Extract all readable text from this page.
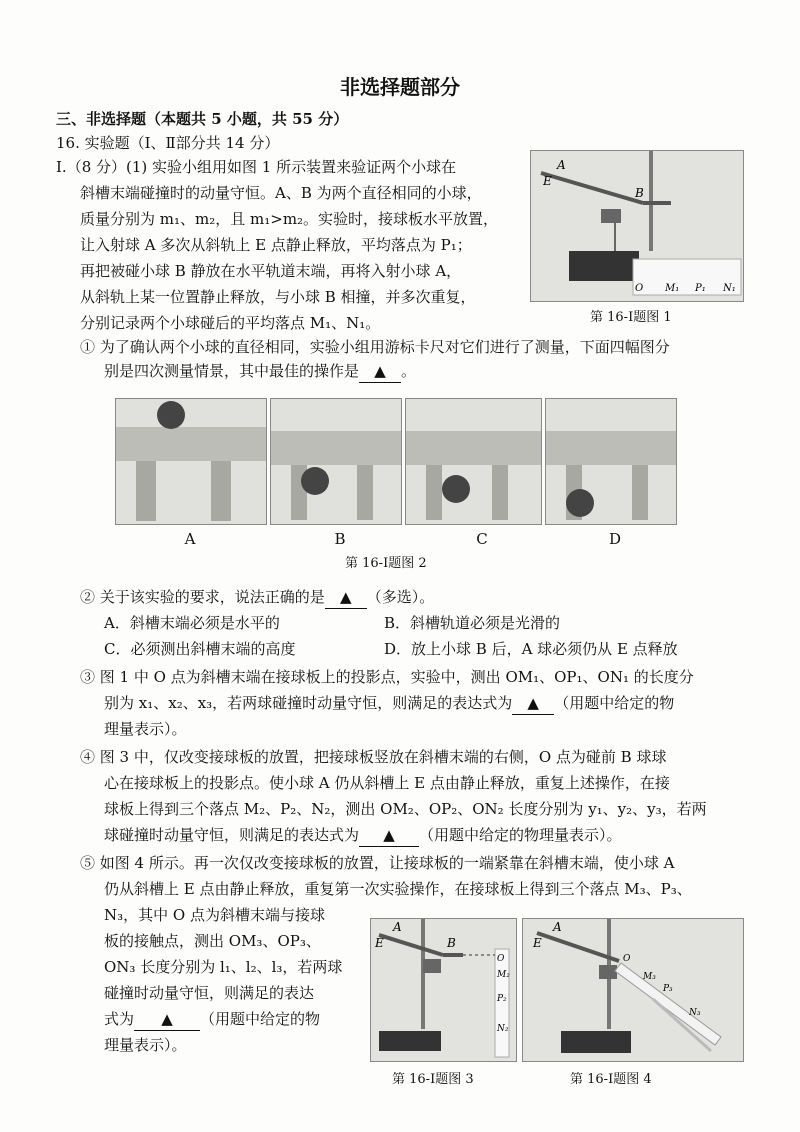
非选择题部分
三、非选择题（本题共 5 小题，共 55 分）
16. 实验题（Ⅰ、Ⅱ部分共 14 分）
Ⅰ.（8 分）(1) 实验小组用如图 1 所示装置来验证两个小球在
斜槽末端碰撞时的动量守恒。A、B 为两个直径相同的小球，
质量分别为 m₁、m₂，且 m₁>m₂。实验时，接球板水平放置，
让入射球 A 多次从斜轨上 E 点静止释放，平均落点为 P₁；
再把被碰小球 B 静放在水平轨道末端，再将入射小球 A，
从斜轨上某一位置静止释放，与小球 B 相撞，并多次重复，
分别记录两个小球碰后的平均落点 M₁、N₁。
A
E
B
O M₁ P₁ N₁
第 16-Ⅰ题图 1
① 为了确认两个小球的直径相同，实验小组用游标卡尺对它们进行了测量，下面四幅图分
别是四次测量情景，其中最佳的操作是 ▲ 。
A	B	C	D
第 16-Ⅰ题图 2
② 关于该实验的要求，说法正确的是 ▲ （多选）。
A．斜槽末端必须是水平的	B．斜槽轨道必须是光滑的
C．必须测出斜槽末端的高度	D．放上小球 B 后，A 球必须仍从 E 点释放
③ 图 1 中 O 点为斜槽末端在接球板上的投影点，实验中，测出 OM₁、OP₁、ON₁ 的长度分
别为 x₁、x₂、x₃，若两球碰撞时动量守恒，则满足的表达式为 ▲ （用题中给定的物
理量表示）。
④ 图 3 中，仅改变接球板的放置，把接球板竖放在斜槽末端的右侧，O 点为碰前 B 球球
心在接球板上的投影点。使小球 A 仍从斜槽上 E 点由静止释放，重复上述操作，在接
球板上得到三个落点 M₂、P₂、N₂，测出 OM₂、OP₂、ON₂ 长度分别为 y₁、y₂、y₃，若两
球碰撞时动量守恒，则满足的表达式为 ▲ （用题中给定的物理量表示）。
⑤ 如图 4 所示。再一次仅改变接球板的放置，让接球板的一端紧靠在斜槽末端，使小球 A
仍从斜槽上 E 点由静止释放，重复第一次实验操作，在接球板上得到三个落点 M₃、P₃、
N₃，其中 O 点为斜槽末端与接球
板的接触点，测出 OM₃、OP₃、
ON₃ 长度分别为 l₁、l₂、l₃，若两球
碰撞时动量守恒，则满足的表达
式为 ▲ （用题中给定的物
理量表示）。
A
E	B
O
M₂
P₂
N₂
第 16-Ⅰ题图 3
A
E
O
M₃
P₃
N₃
第 16-Ⅰ题图 4
